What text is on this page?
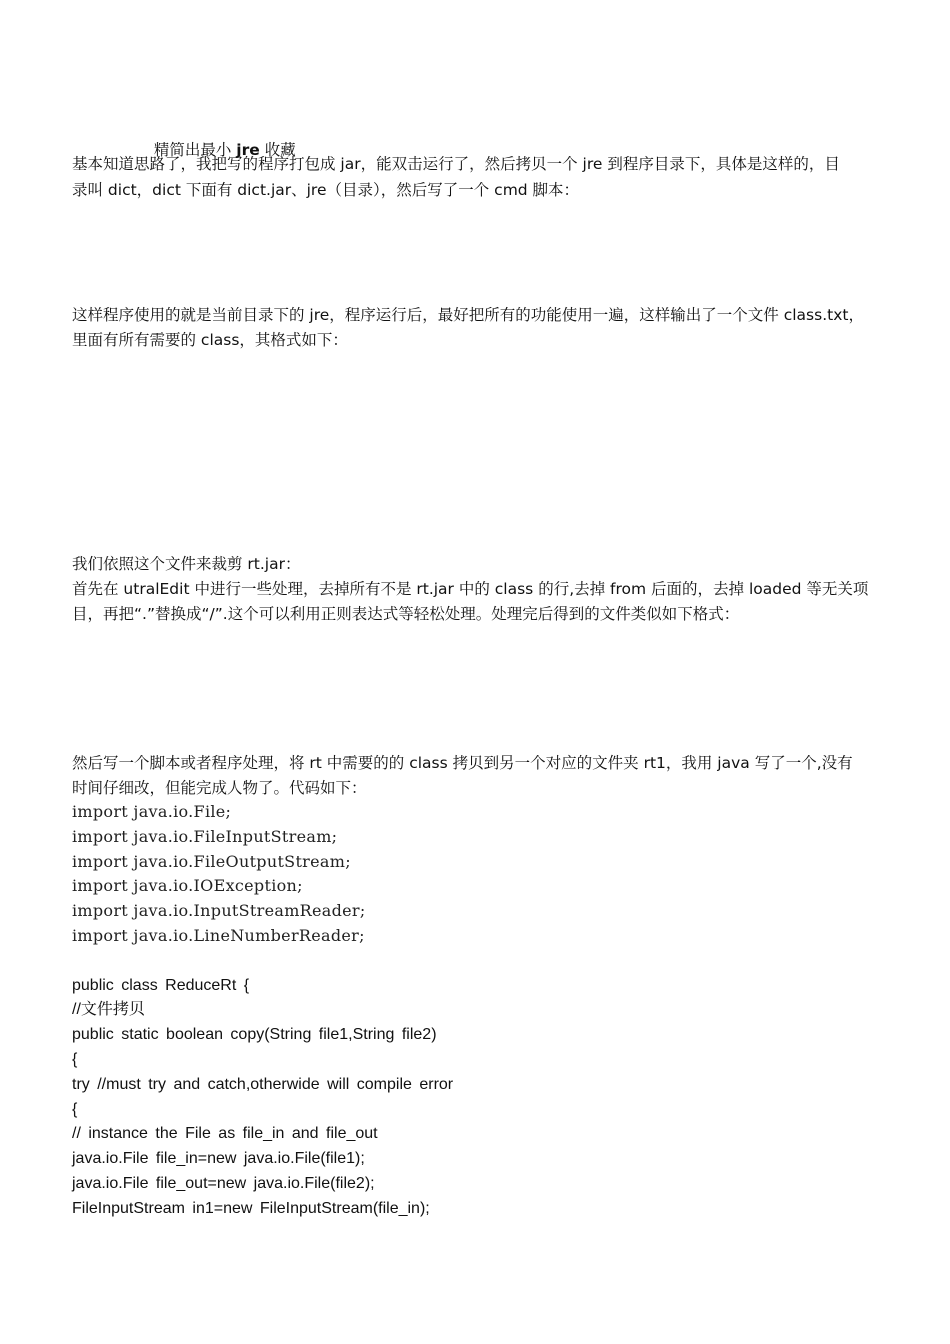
精简出最小 jre 收藏

基本知道思路了，我把写的程序打包成 jar，能双击运行了，然后拷贝一个 jre 到程序目录下，具体是这样的，目
录叫 dict，dict 下面有 dict.jar、jre（目录），然后写了一个 cmd 脚本：
这样程序使用的就是当前目录下的 jre，程序运行后，最好把所有的功能使用一遍，这样输出了一个文件 class.txt，
里面有所有需要的 class，其格式如下：
我们依照这个文件来裁剪 rt.jar：
首先在 utralEdit 中进行一些处理，去掉所有不是 rt.jar 中的 class 的行,去掉 from 后面的，去掉 loaded 等无关项
目，再把“.”替换成“/”.这个可以利用正则表达式等轻松处理。处理完后得到的文件类似如下格式：
然后写一个脚本或者程序处理，将 rt 中需要的的 class 拷贝到另一个对应的文件夹 rt1，我用 java 写了一个,没有
时间仔细改，但能完成人物了。代码如下：
import java.io.File;
import java.io.FileInputStream;
import java.io.FileOutputStream;
import java.io.IOException;
import java.io.InputStreamReader;
import java.io.LineNumberReader;
public class ReduceRt {
//文件拷贝
public static boolean copy(String file1,String file2)
{
try //must try and catch,otherwide will compile error
{
// instance the File as file_in and file_out
java.io.File file_in=new java.io.File(file1);
java.io.File file_out=new java.io.File(file2);
FileInputStream in1=new FileInputStream(file_in);
